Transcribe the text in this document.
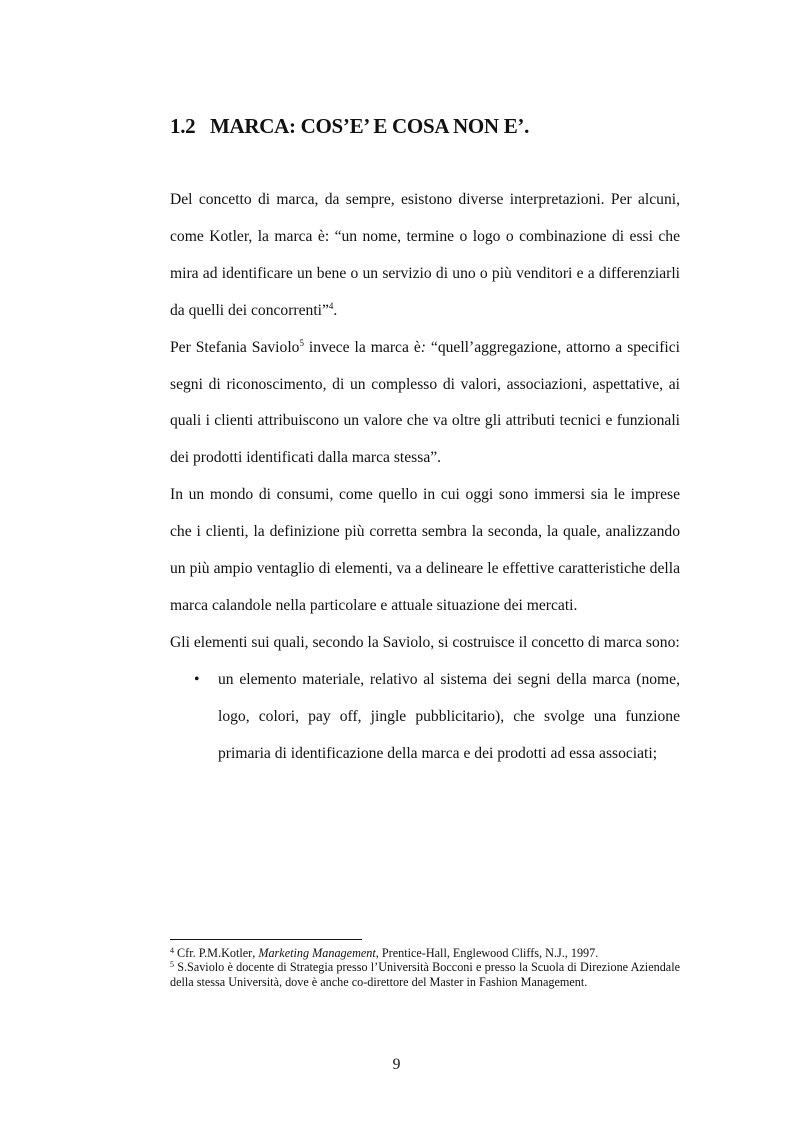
1.2 MARCA: COS’E’ E COSA NON E’.

Del concetto di marca, da sempre, esistono diverse interpretazioni. Per alcuni, come Kotler, la marca è: “un nome, termine o logo o combinazione di essi che mira ad identificare un bene o un servizio di uno o più venditori e a differenziarli da quelli dei concorrenti”$^4$.

Per Stefania Saviolo$^5$ invece la marca è: “quell’aggregazione, attorno a specifici segni di riconoscimento, di un complesso di valori, associazioni, aspettative, ai quali i clienti attribuiscono un valore che va oltre gli attributi tecnici e funzionali dei prodotti identificati dalla marca stessa”.

In un mondo di consumi, come quello in cui oggi sono immersi sia le imprese che i clienti, la definizione più corretta sembra la seconda, la quale, analizzando un più ampio ventaglio di elementi, va a delineare le effettive caratteristiche della marca calandole nella particolare e attuale situazione dei mercati.

Gli elementi sui quali, secondo la Saviolo, si costruisce il concetto di marca sono:

• un elemento materiale, relativo al sistema dei segni della marca (nome, logo, colori, pay off, jingle pubblicitario), che svolge una funzione primaria di identificazione della marca e dei prodotti ad essa associati;

$^4$ Cfr. P.M.Kotler, Marketing Management, Prentice-Hall, Englewood Cliffs, N.J., 1997.

$^5$ S.Saviolo è docente di Strategia presso l’Università Bocconi e presso la Scuola di Direzione Aziendale della stessa Università, dove è anche co-direttore del Master in Fashion Management.

9
